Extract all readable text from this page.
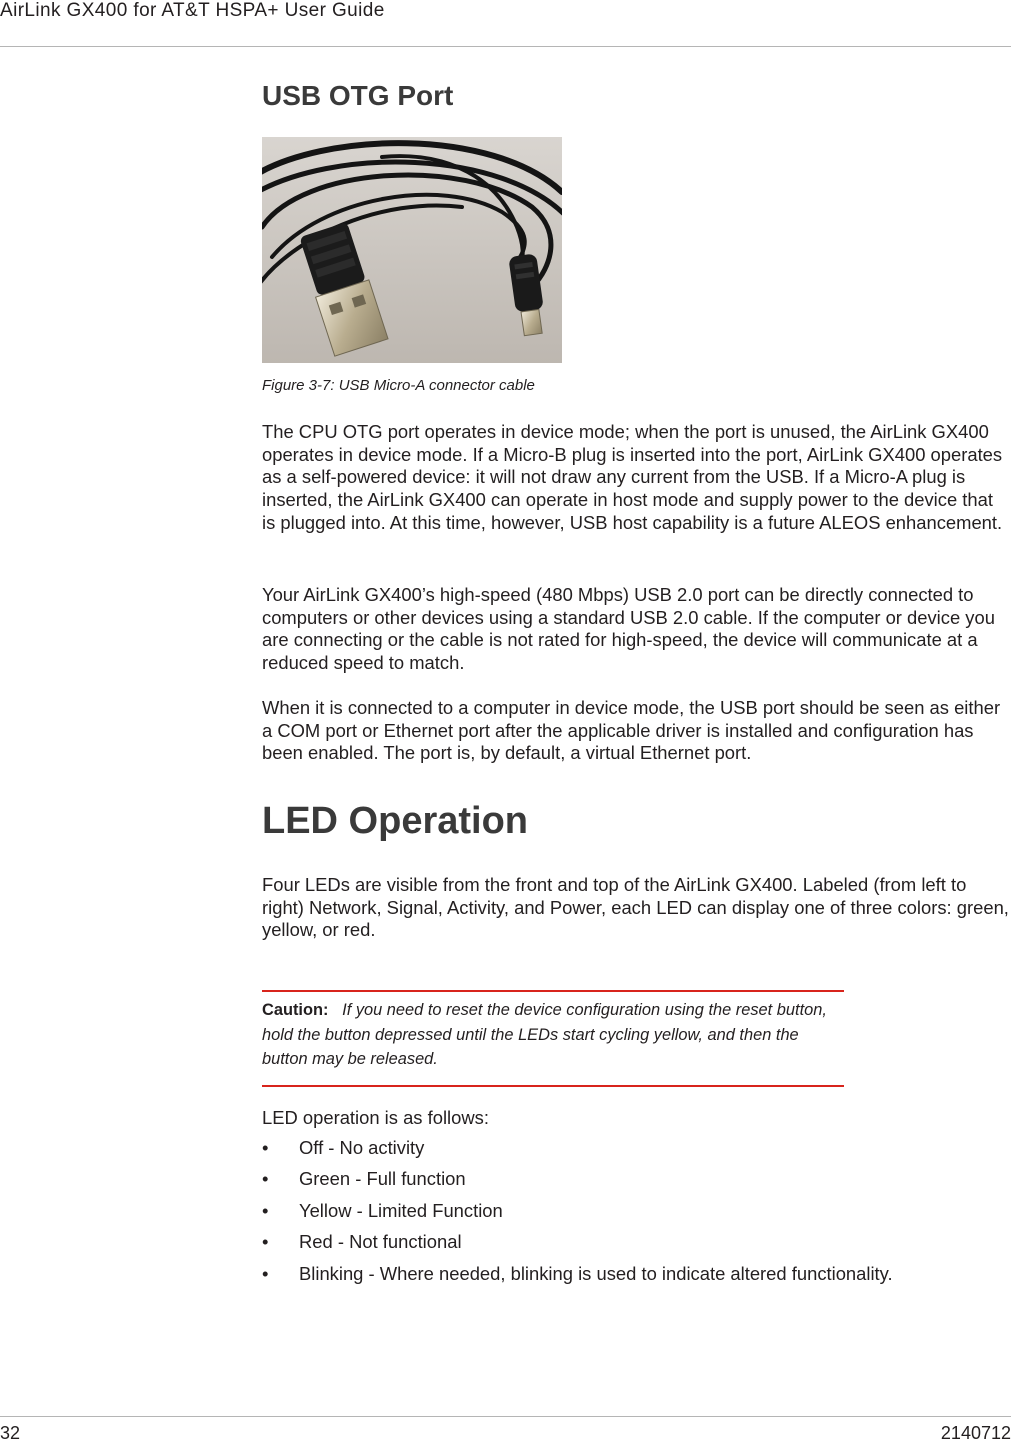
AirLink GX400 for AT&T HSPA+ User Guide
USB OTG Port
Figure 3-7: USB Micro-A connector cable

The CPU OTG port operates in device mode; when the port is unused, the AirLink GX400 operates in device mode. If a Micro-B plug is inserted into the port, AirLink GX400 operates as a self-powered device: it will not draw any current from the USB. If a Micro-A plug is inserted, the AirLink GX400 can operate in host mode and supply power to the device that is plugged into. At this time, however, USB host capability is a future ALEOS enhancement.

Your AirLink GX400’s high-speed (480 Mbps) USB 2.0 port can be directly connected to computers or other devices using a standard USB 2.0 cable. If the computer or device you are connecting or the cable is not rated for high-speed, the device will communicate at a reduced speed to match.

When it is connected to a computer in device mode, the USB port should be seen as either a COM port or Ethernet port after the applicable driver is installed and configuration has been enabled. The port is, by default, a virtual Ethernet port.

LED Operation

Four LEDs are visible from the front and top of the AirLink GX400. Labeled (from left to right) Network, Signal, Activity, and Power, each LED can display one of three colors: green, yellow, or red.

Caution: If you need to reset the device configuration using the reset button, hold the button depressed until the LEDs start cycling yellow, and then the button may be released.
LED operation is as follows:
• Off - No activity
• Green - Full function
• Yellow - Limited Function
• Red - Not functional
• Blinking - Where needed, blinking is used to indicate altered functionality.
32	2140712
